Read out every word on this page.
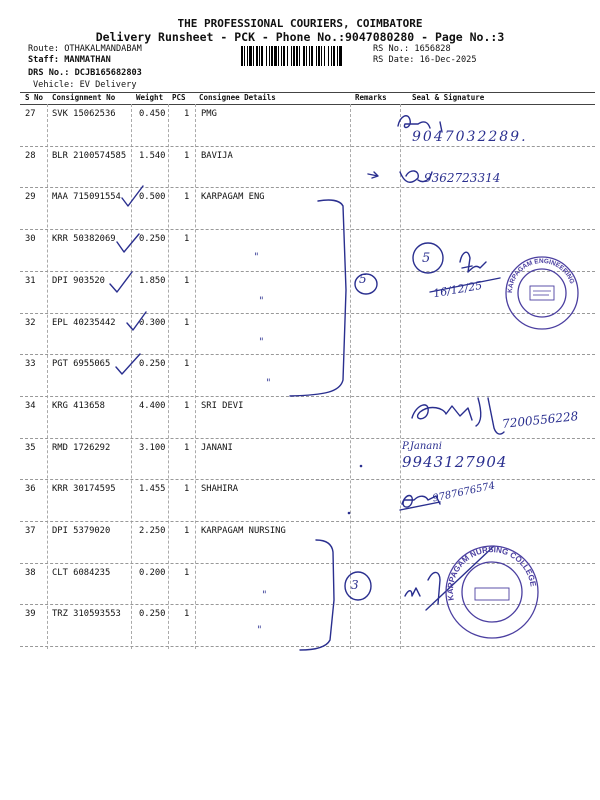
THE PROFESSIONAL COURIERS, COIMBATORE
Delivery Runsheet - PCK - Phone No.:9047080280 - Page No.:3
Route: OTHAKALMANDABAM
Staff: MANMATHAN
DRS No.: DCJB165682803
Vehicle: EV Delivery
RS No.: 1656828
RS Date: 16-Dec-2025
S No Consignment No	Weight PCS Consignee Details	Remarks	Seal & Signature
27 SVK 15062536	0.450 1 PMG
28 BLR 2100574585 1.540 1 BAVIJA
29 MAA 715091554 0.500 1 KARPAGAM ENG
30 KRR 50382069	0.250 1
31 DPI 903520	1.850 1
32 EPL 40235442	0.300 1
33 PGT 6955065	0.250 1
34 KRG 413658	4.400 1 SRI DEVI
35 RMD 1726292	3.100 1 JANANI
36 KRR 30174595	1.455 1 SHAHIRA
37 DPI 5379020	2.250 1 KARPAGAM NURSING
38 CLT 6084235	0.200 1
39 TRZ 310593553 0.250 1
9047032289.
9362723314
5
5
16/12/25
"
"
"
"
7200556228
P.Janani
9943127904
9787676574
3
"
"
KARPAGAM ENGINEERING
KARPAGAM NURSING COLLEGE
